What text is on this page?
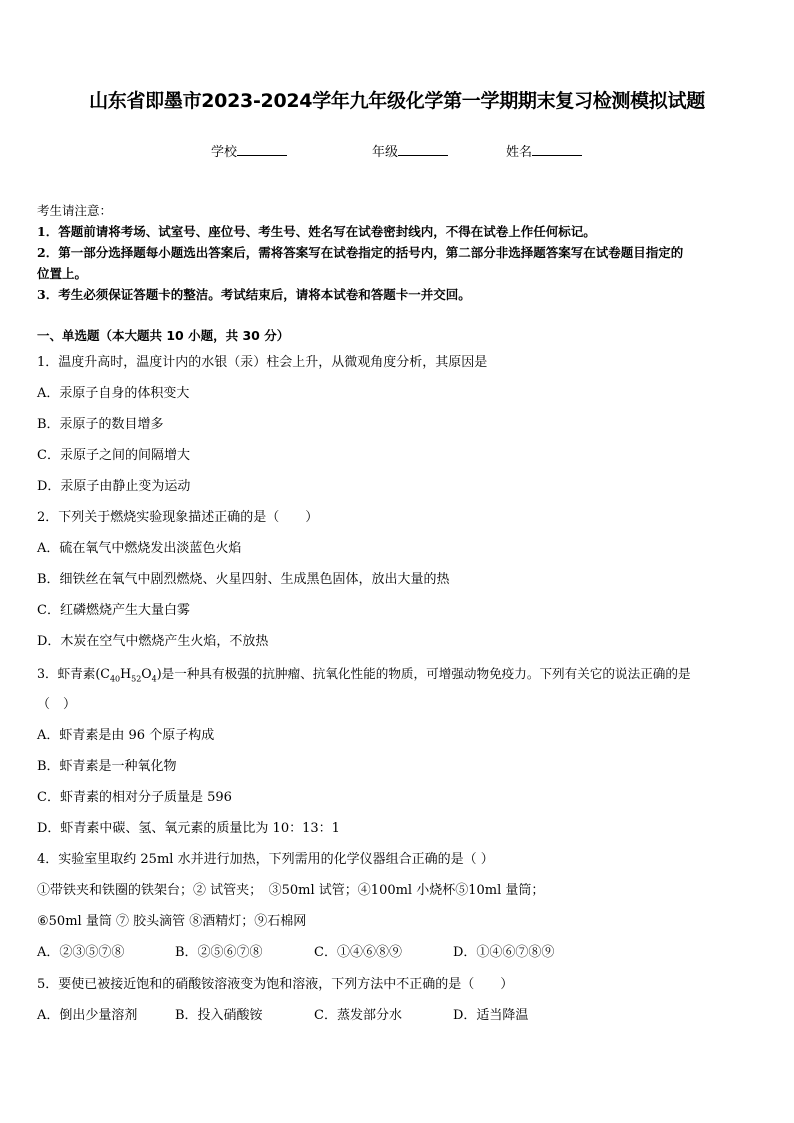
山东省即墨市2023-2024学年九年级化学第一学期期末复习检测模拟试题
学校	年级	姓名
考生请注意：
1．答题前请将考场、试室号、座位号、考生号、姓名写在试卷密封线内，不得在试卷上作任何标记。
2．第一部分选择题每小题选出答案后，需将答案写在试卷指定的括号内，第二部分非选择题答案写在试卷题目指定的
位置上。
3．考生必须保证答题卡的整洁。考试结束后，请将本试卷和答题卡一并交回。
一、单选题（本大题共 10 小题，共 30 分）
1．温度升高时，温度计内的水银（汞）柱会上升，从微观角度分析，其原因是
A．汞原子自身的体积变大
B．汞原子的数目增多
C．汞原子之间的间隔增大
D．汞原子由静止变为运动
2．下列关于燃烧实验现象描述正确的是（　　）
A．硫在氧气中燃烧发出淡蓝色火焰
B．细铁丝在氧气中剧烈燃烧、火星四射、生成黑色固体，放出大量的热
C．红磷燃烧产生大量白雾
D．木炭在空气中燃烧产生火焰，不放热
3．虾青素$(C_{40}H_{52}O_4)$是一种具有极强的抗肿瘤、抗氧化性能的物质，可增强动物免疫力。下列有关它的说法正确的是
（　）
A．虾青素是由 96 个原子构成
B．虾青素是一种氧化物
C．虾青素的相对分子质量是 596
D．虾青素中碳、氢、氧元素的质量比为 10：13：1
4．实验室里取约 25ml 水并进行加热，下列需用的化学仪器组合正确的是（ ）
①带铁夹和铁圈的铁架台；② 试管夹；　③50ml 试管；④100ml 小烧杯⑤10ml 量筒；
⑥50ml 量筒 ⑦ 胶头滴管 ⑧酒精灯；⑨石棉网
A．②③⑤⑦⑧	B．②⑤⑥⑦⑧	C．①④⑥⑧⑨	D．①④⑥⑦⑧⑨
5．要使已被接近饱和的硝酸铵溶液变为饱和溶液，下列方法中不正确的是（　　）
A．倒出少量溶剂	B．投入硝酸铵	C．蒸发部分水	D．适当降温
